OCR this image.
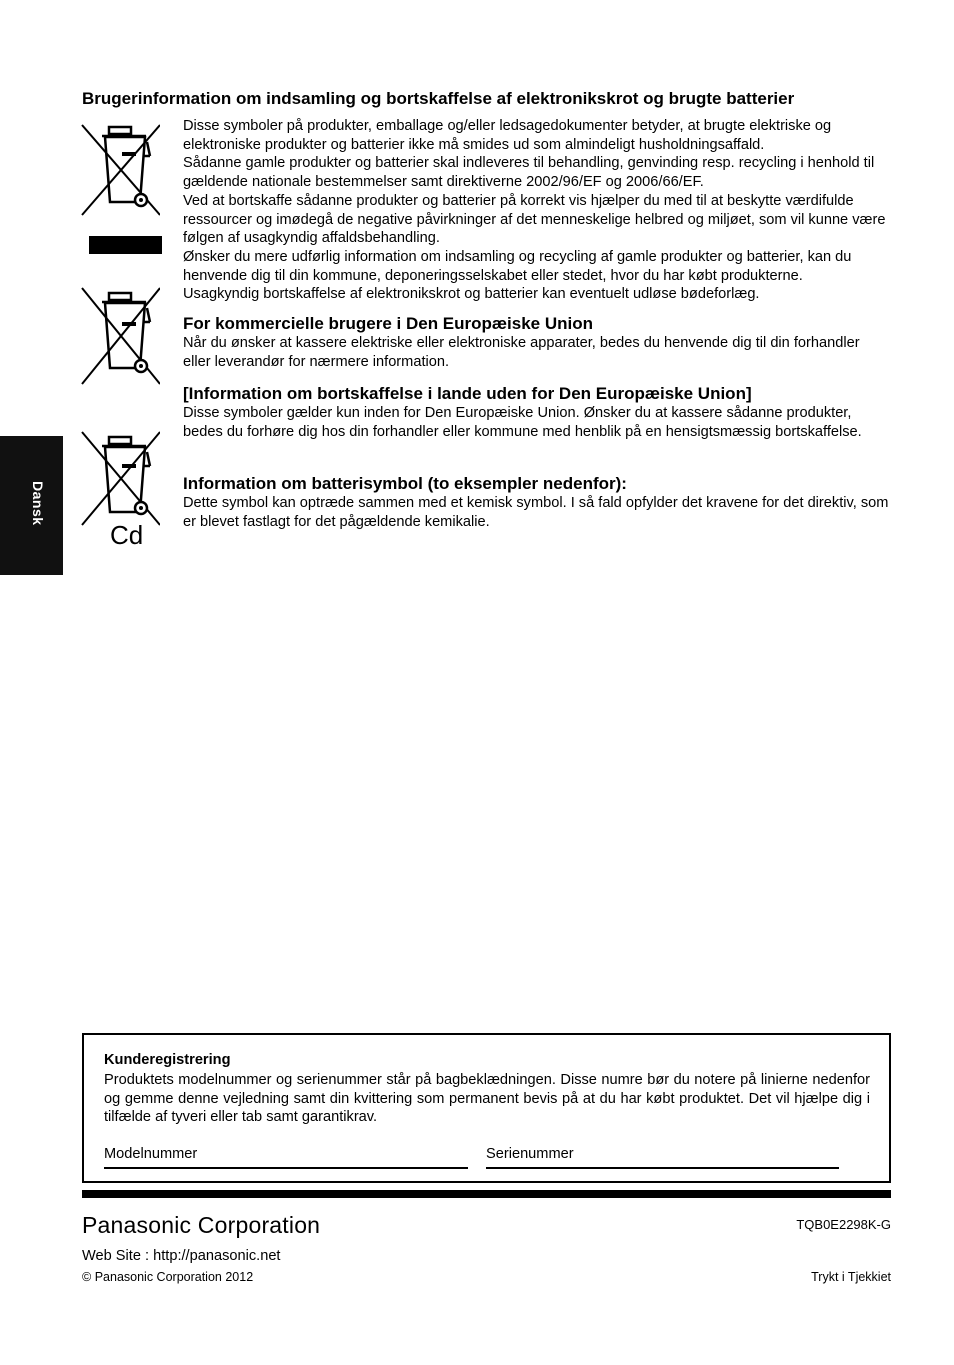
Dansk
Brugerinformation om indsamling og bortskaffelse af elektronikskrot og brugte batterier
Cd

Disse symboler på produkter, emballage og/eller ledsagedokumenter betyder, at brugte elektriske og elektroniske produkter og batterier ikke må smides ud som almindeligt husholdningsaffald.

Sådanne gamle produkter og batterier skal indleveres til behandling, genvinding resp. recycling i henhold til gældende nationale bestemmelser samt direktiverne 2002/96/EF og 2006/66/EF.

Ved at bortskaffe sådanne produkter og batterier på korrekt vis hjælper du med til at beskytte værdifulde ressourcer og imødegå de negative påvirkninger af det menneskelige helbred og miljøet, som vil kunne være følgen af usagkyndig affaldsbehandling.

Ønsker du mere udførlig information om indsamling og recycling af gamle produkter og batterier, kan du henvende dig til din kommune, deponeringsselskabet eller stedet, hvor du har købt produkterne.

Usagkyndig bortskaffelse af elektronikskrot og batterier kan eventuelt udløse bødeforlæg.

For kommercielle brugere i Den Europæiske Union

Når du ønsker at kassere elektriske eller elektroniske apparater, bedes du henvende dig til din forhandler eller leverandør for nærmere information.

[Information om bortskaffelse i lande uden for Den Europæiske Union]

Disse symboler gælder kun inden for Den Europæiske Union. Ønsker du at kassere sådanne produkter, bedes du forhøre dig hos din forhandler eller kommune med henblik på en hensigtsmæssig bortskaffelse.

Information om batterisymbol (to eksempler nedenfor):

Dette symbol kan optræde sammen med et kemisk symbol. I så fald opfylder det kravene for det direktiv, som er blevet fastlagt for det pågældende kemikalie.

Kunderegistrering

Produktets modelnummer og serienummer står på bagbeklædningen. Disse numre bør du notere på linierne nedenfor og gemme denne vejledning samt din kvittering som permanent bevis på at du har købt produktet. Det vil hjælpe dig i tilfælde af tyveri eller tab samt garantikrav.

Modelnummer	Serienummer
Panasonic Corporation	TQB0E2298K-G
Web Site : http://panasonic.net
© Panasonic Corporation 2012	Trykt i Tjekkiet
